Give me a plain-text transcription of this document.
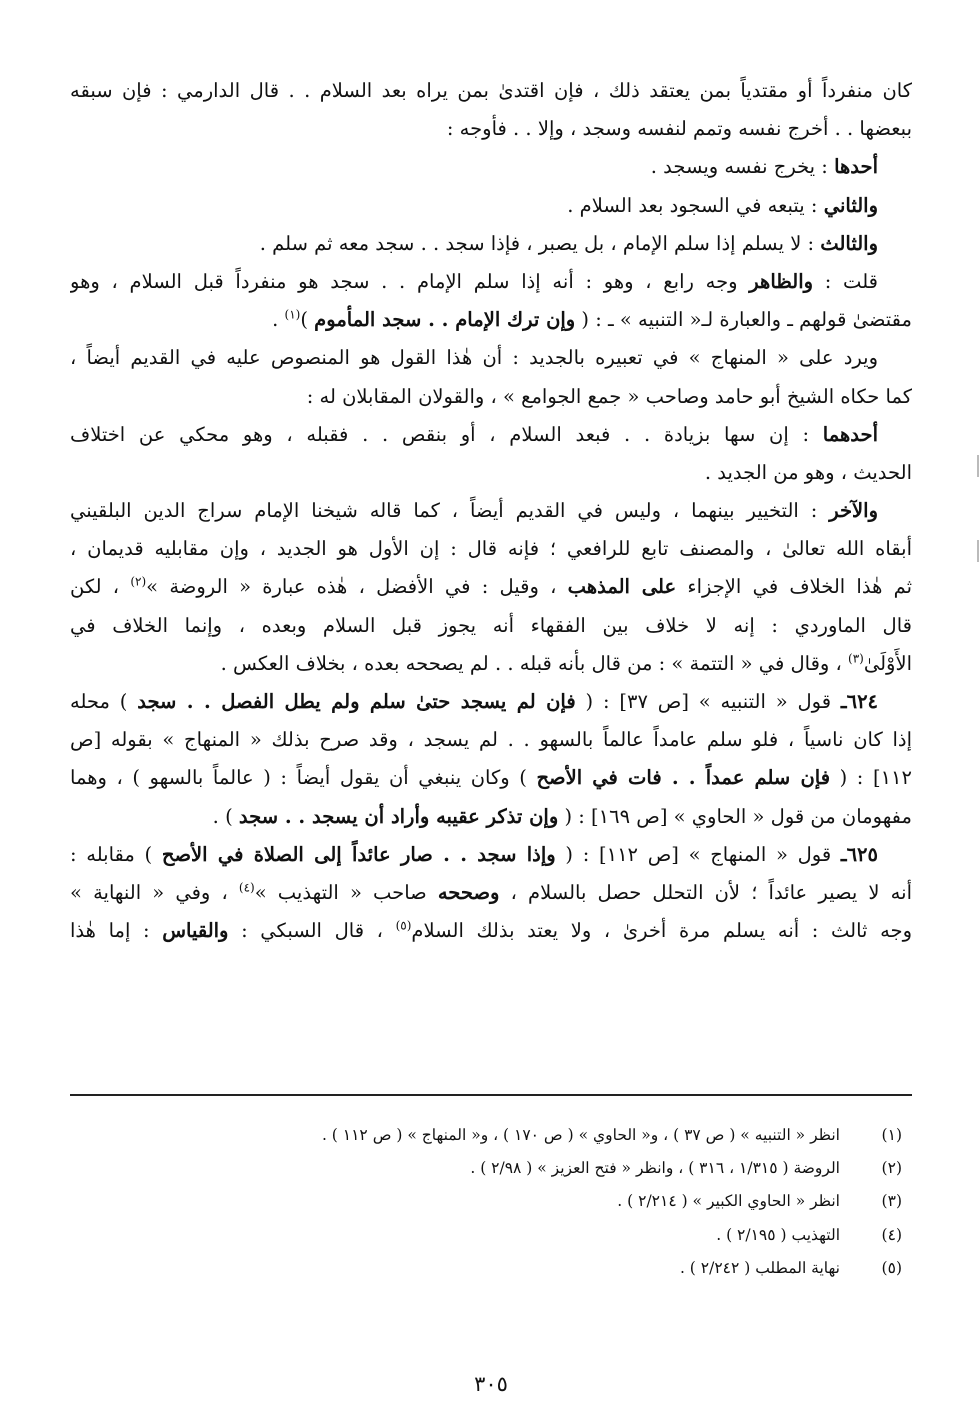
كان منفرداً أو مقتدياً بمن يعتقد ذلك ، فإن اقتدىٰ بمن يراه بعد السلام . . قال الدارمي : فإن سبقه
ببعضها . . أخرج نفسه وتمم لنفسه وسجد ، وإلا . . فأوجه :
أحدها : يخرج نفسه ويسجد .
والثاني : يتبعه في السجود بعد السلام .
والثالث : لا يسلم إذا سلم الإمام ، بل يصبر ، فإذا سجد . . سجد معه ثم سلم .
قلت : والظاهر وجه رابع ، وهو : أنه إذا سلم الإمام . . سجد هو منفرداً قبل السلام ، وهو
مقتضىٰ قولهم ـ والعبارة لـ« التنبيه » ـ : ( وإن ترك الإمام . . سجد المأموم )$^{(١)}$ .
ويرد على « المنهاج » في تعبيره بالجديد : أن هٰذا القول هو المنصوص عليه في القديم أيضاً ،
كما حكاه الشيخ أبو حامد وصاحب « جمع الجوامع » ، والقولان المقابلان له :
أحدهما : إن سها بزيادة . . فبعد السلام ، أو بنقص . . فقبله ، وهو محكي عن اختلاف
الحديث ، وهو من الجديد .
والآخر : التخيير بينهما ، وليس في القديم أيضاً ، كما قاله شيخنا الإمام سراج الدين البلقيني
أبقاه الله تعالىٰ ، والمصنف تابع للرافعي ؛ فإنه قال : إن الأول هو الجديد ، وإن مقابليه قديمان ،
ثم هٰذا الخلاف في الإجزاء على المذهب ، وقيل : في الأفضل ، هٰذه عبارة « الروضة »$^{(٢)}$ ، لكن
قال الماوردي : إنه لا خلاف بين الفقهاء أنه يجوز قبل السلام وبعده ، وإنما الخلاف في
الأَوْلَىٰ$^{(٣)}$ ، وقال في « التتمة » : من قال بأنه قبله . . لم يصححه بعده ، بخلاف العكس .
٦٢٤ـ قول « التنبيه » [ص ٣٧] : ( فإن لم يسجد حتىٰ سلم ولم يطل الفصل . . سجد ) محله
إذا كان ناسياً ، فلو سلم عامداً عالماً بالسهو . . لم يسجد ، وقد صرح بذلك « المنهاج » بقوله [ص
١١٢] : ( فإن سلم عمداً . . فات في الأصح ) وكان ينبغي أن يقول أيضاً : ( عالماً بالسهو ) ، وهما
مفهومان من قول « الحاوي » [ص ١٦٩] : ( وإن تذكر عقيبه وأراد أن يسجد . . سجد ) .
٦٢٥ـ قول « المنهاج » [ص ١١٢] : ( وإذا سجد . . صار عائداً إلى الصلاة في الأصح ) مقابله :
أنه لا يصير عائداً ؛ لأن التحلل حصل بالسلام ، وصححه صاحب « التهذيب »$^{(٤)}$ ، وفي « النهاية »
وجه ثالث : أنه يسلم مرة أخرىٰ ، ولا يعتد بذلك السلام$^{(٥)}$ ، قال السبكي : والقياس : إما هٰذا
(١)
انظر « التنبيه » ( ص ٣٧ ) ، و« الحاوي » ( ص ١٧٠ ) ، و« المنهاج » ( ص ١١٢ ) .
(٢)
الروضة ( ١/٣١٥ ، ٣١٦ ) ، وانظر « فتح العزيز » ( ٢/٩٨ ) .
(٣)
انظر « الحاوي الكبير » ( ٢/٢١٤ ) .
(٤)
التهذيب ( ٢/١٩٥ ) .
(٥)
نهاية المطلب ( ٢/٢٤٢ ) .
٣٠٥
